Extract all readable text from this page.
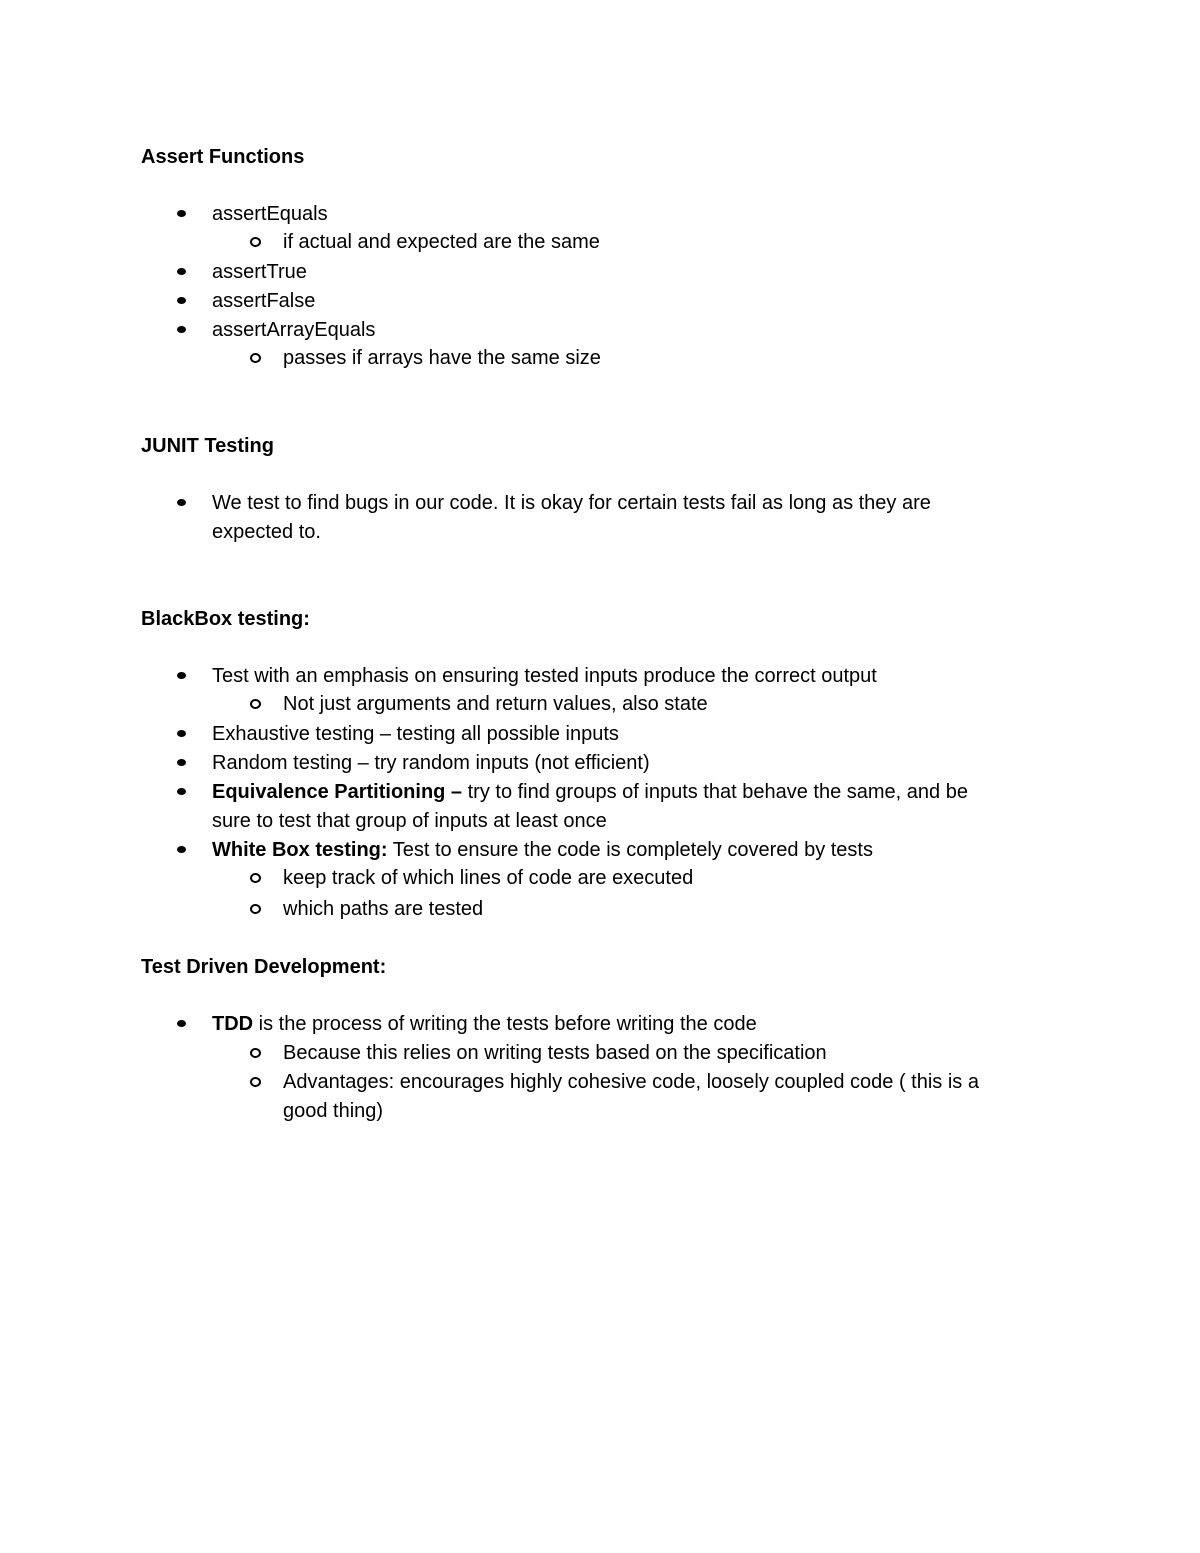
Assert Functions
assertEquals
if actual and expected are the same
assertTrue
assertFalse
assertArrayEquals
passes if arrays have the same size
JUNIT Testing
We test to find bugs in our code. It is okay for certain tests fail as long as they are
expected to.
BlackBox testing:
Test with an emphasis on ensuring tested inputs produce the correct output
Not just arguments and return values, also state
Exhaustive testing – testing all possible inputs
Random testing – try random inputs (not efficient)
Equivalence Partitioning – try to find groups of inputs that behave the same, and be
sure to test that group of inputs at least once
White Box testing: Test to ensure the code is completely covered by tests
keep track of which lines of code are executed
which paths are tested
Test Driven Development:
TDD is the process of writing the tests before writing the code
Because this relies on writing tests based on the specification
Advantages: encourages highly cohesive code, loosely coupled code ( this is a
good thing)
